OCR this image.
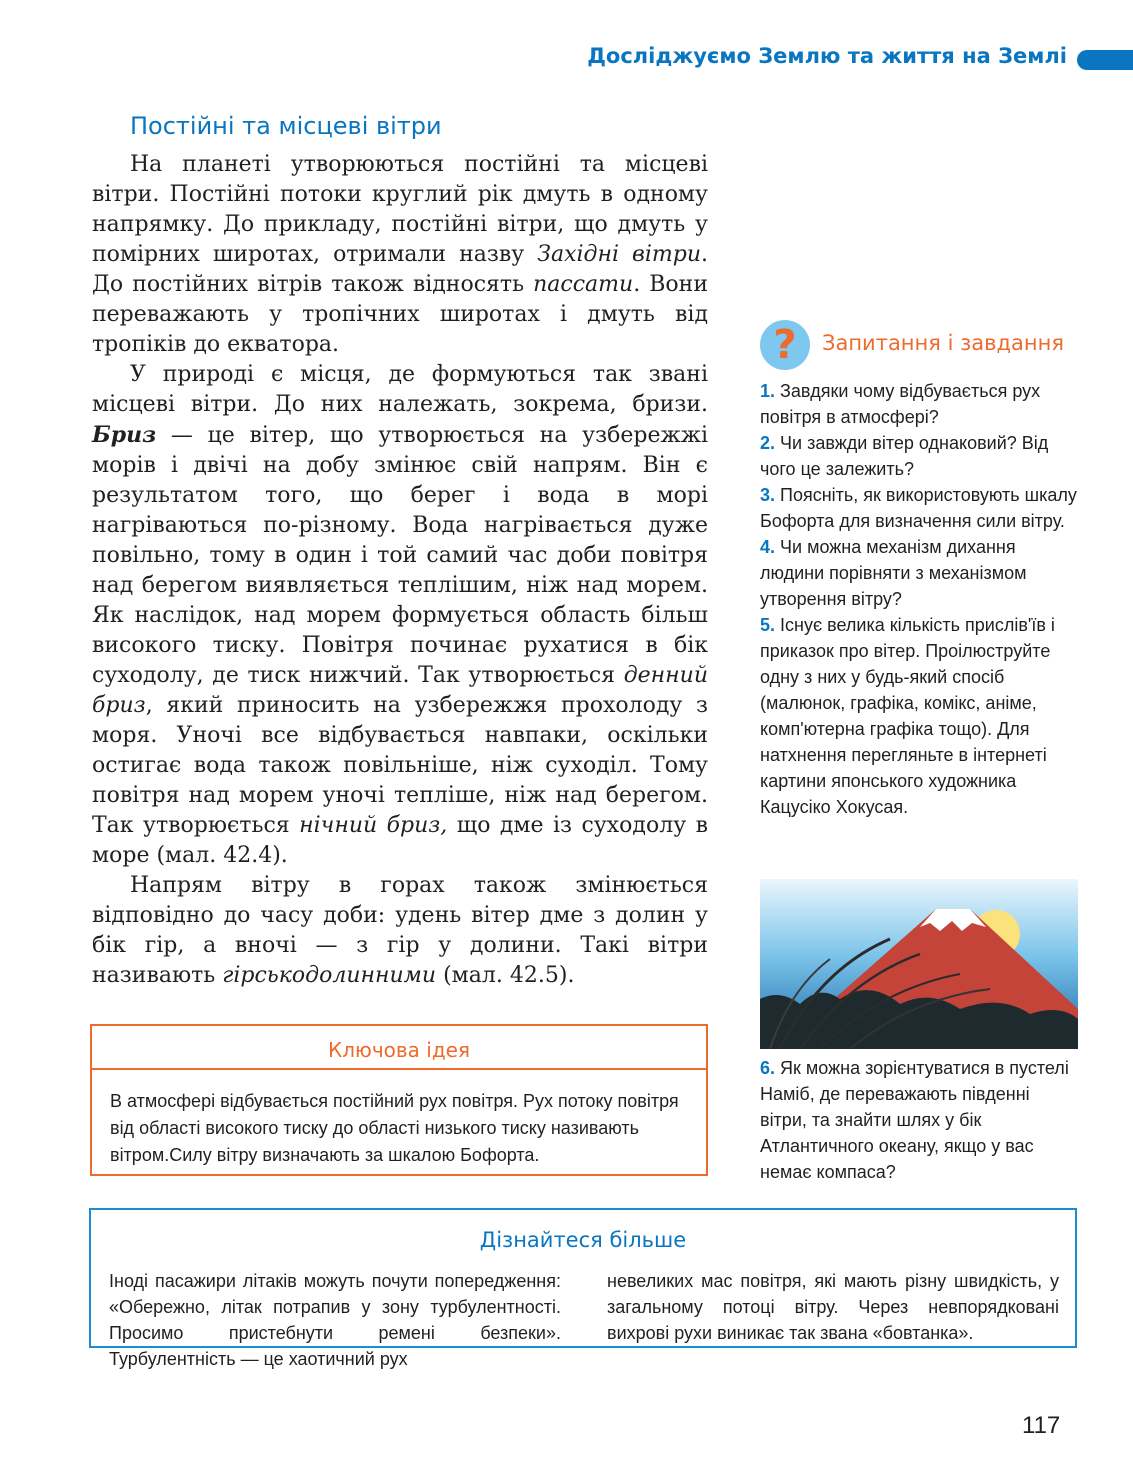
Досліджуємо Землю та життя на Землі
Постійні та місцеві вітри

На планеті утворюються постійні та місцеві вітри. Постійні потоки круглий рік дмуть в одному напрямку. До прикладу, постійні вітри, що дмуть у помірних широтах, отримали назву Західні вітри. До постійних вітрів також відносять пассати. Вони переважають у тропічних широтах і дмуть від тропіків до екватора.

У природі є місця, де формуються так звані місцеві вітри. До них належать, зокрема, бризи. Бриз — це вітер, що утворюється на узбережжі морів і двічі на добу змінює свій напрям. Він є результатом того, що берег і вода в морі нагріваються по-різному. Вода нагрівається дуже повільно, тому в один і той самий час доби повітря над берегом виявляється теплішим, ніж над морем. Як наслідок, над морем формується область більш високого тиску. Повітря починає рухатися в бік суходолу, де тиск нижчий. Так утворюється денний бриз, який приносить на узбережжя прохолоду з моря. Уночі все відбувається навпаки, оскільки остигає вода також повільніше, ніж суходіл. Тому повітря над морем уночі тепліше, ніж над берегом. Так утворюється нічний бриз, що дме із суходолу в море (мал. 42.4).

Напрям вітру в горах також змінюється відповідно до часу доби: удень вітер дме з долин у бік гір, а вночі — з гір у долини. Такі вітри називають гірськодолинними (мал. 42.5).

Ключова ідея
В атмосфері відбувається постійний рух повітря. Рух потоку повітря від області високого тиску до області низького тиску називають вітром.Силу вітру визначають за шкалою Бофорта.
?	Запитання і завдання

1. Завдяки чому відбувається рух повітря в атмосфері?

2. Чи завжди вітер однаковий? Від чого це залежить?

3. Поясніть, як використовують шкалу Бофорта для визначення сили вітру.

4. Чи можна механізм дихання людини порівняти з механізмом утворення вітру?

5. Існує велика кількість прислів'їв і приказок про вітер. Проілюструйте одну з них у будь-який спосіб (малюнок, графіка, комікс, аніме, комп'ютерна графіка тощо). Для натхнення перегляньте в інтернеті картини японського художника Кацусіко Хокусая.

6. Як можна зорієнтуватися в пустелі Наміб, де переважають південні вітри, та знайти шлях у бік Атлантичного океану, якщо у вас немає компаса?

Дізнайтеся більше
Іноді пасажири літаків можуть почути попередження: «Обережно, літак потрапив у зону турбулентності. Просимо пристебнути ремені безпеки». Турбулентність — це хаотичний рух
невеликих мас повітря, які мають різну швидкість, у загальному потоці вітру. Через невпорядковані вихрові рухи виникає так звана «бовтанка».
117
